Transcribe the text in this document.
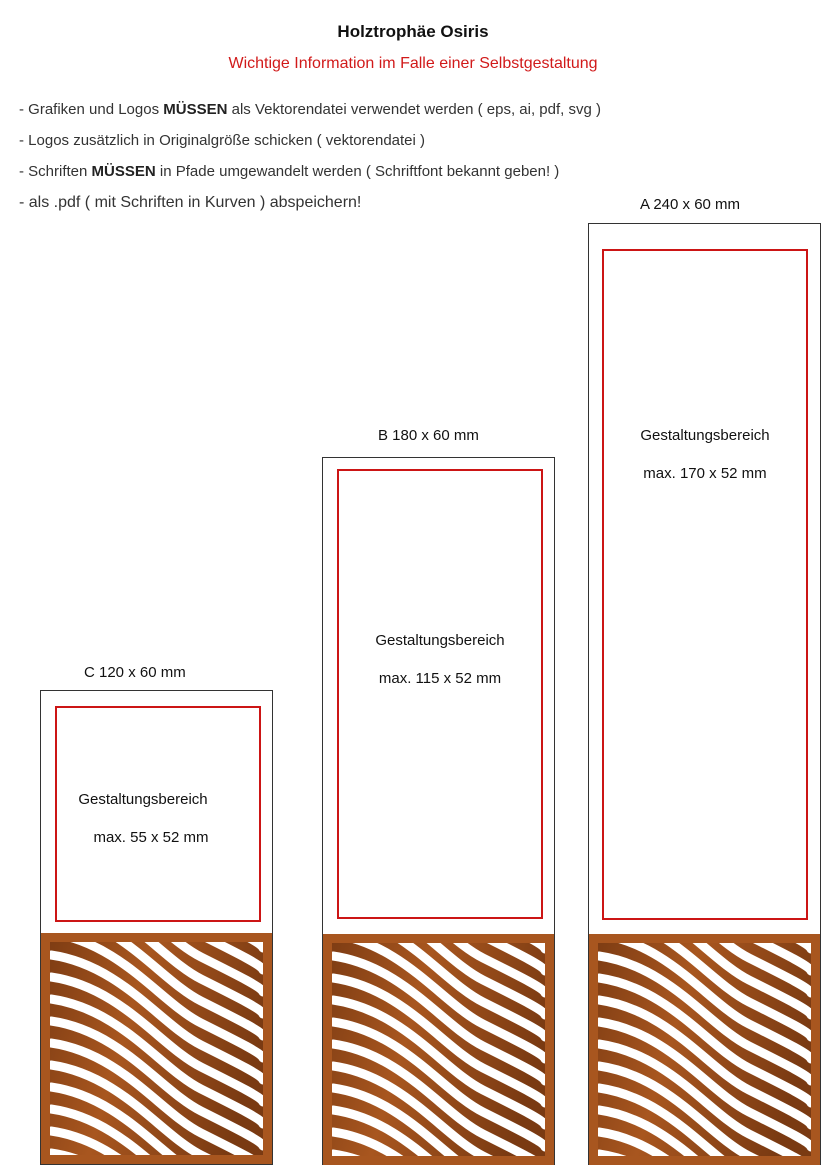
Holztrophäe Osiris
Wichtige Information im Falle einer Selbstgestaltung
- Grafiken und Logos MÜSSEN als Vektorendatei verwendet werden ( eps, ai, pdf, svg )
- Logos zusätzlich in Originalgröße schicken ( vektorendatei )
- Schriften MÜSSEN in Pfade umgewandelt werden ( Schriftfont bekannt geben! )
- als .pdf ( mit Schriften in Kurven ) abspeichern!
C 120 x 60 mm
Gestaltungsbereich
max. 55 x 52 mm
B 180 x 60 mm
Gestaltungsbereich
max. 115 x 52 mm
A 240 x 60 mm
Gestaltungsbereich
max. 170 x 52 mm
